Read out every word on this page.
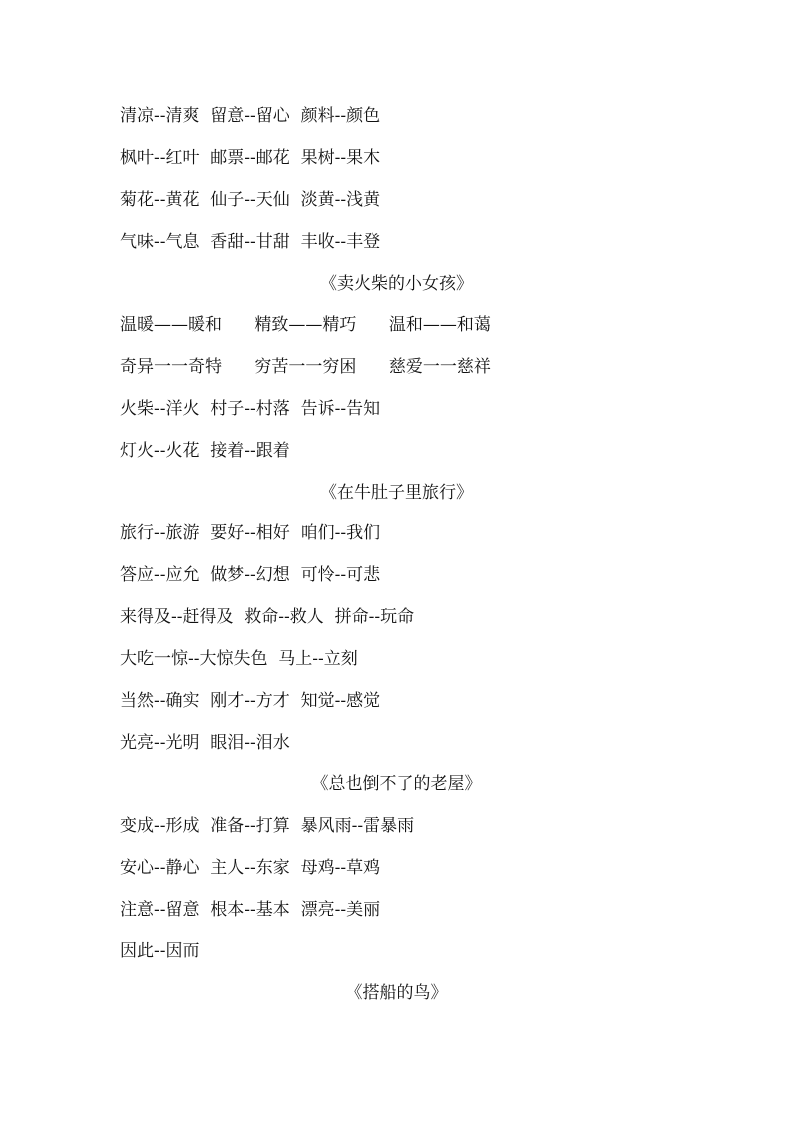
清凉--清爽  留意--留心  颜料--颜色
枫叶--红叶  邮票--邮花  果树--果木
菊花--黄花  仙子--天仙  淡黄--浅黄
气味--气息  香甜--甘甜  丰收--丰登
《卖火柴的小女孩》
温暖——暖和      精致——精巧      温和——和蔼
奇异一一奇特      穷苦一一穷困      慈爱一一慈祥
火柴--洋火  村子--村落  告诉--告知
灯火--火花  接着--跟着
《在牛肚子里旅行》
旅行--旅游  要好--相好  咱们--我们
答应--应允  做梦--幻想  可怜--可悲
来得及--赶得及  救命--救人  拼命--玩命
大吃一惊--大惊失色  马上--立刻
当然--确实  刚才--方才  知觉--感觉
光亮--光明  眼泪--泪水
《总也倒不了的老屋》
变成--形成  准备--打算  暴风雨--雷暴雨
安心--静心  主人--东家  母鸡--草鸡
注意--留意  根本--基本  漂亮--美丽
因此--因而
《搭船的鸟》
